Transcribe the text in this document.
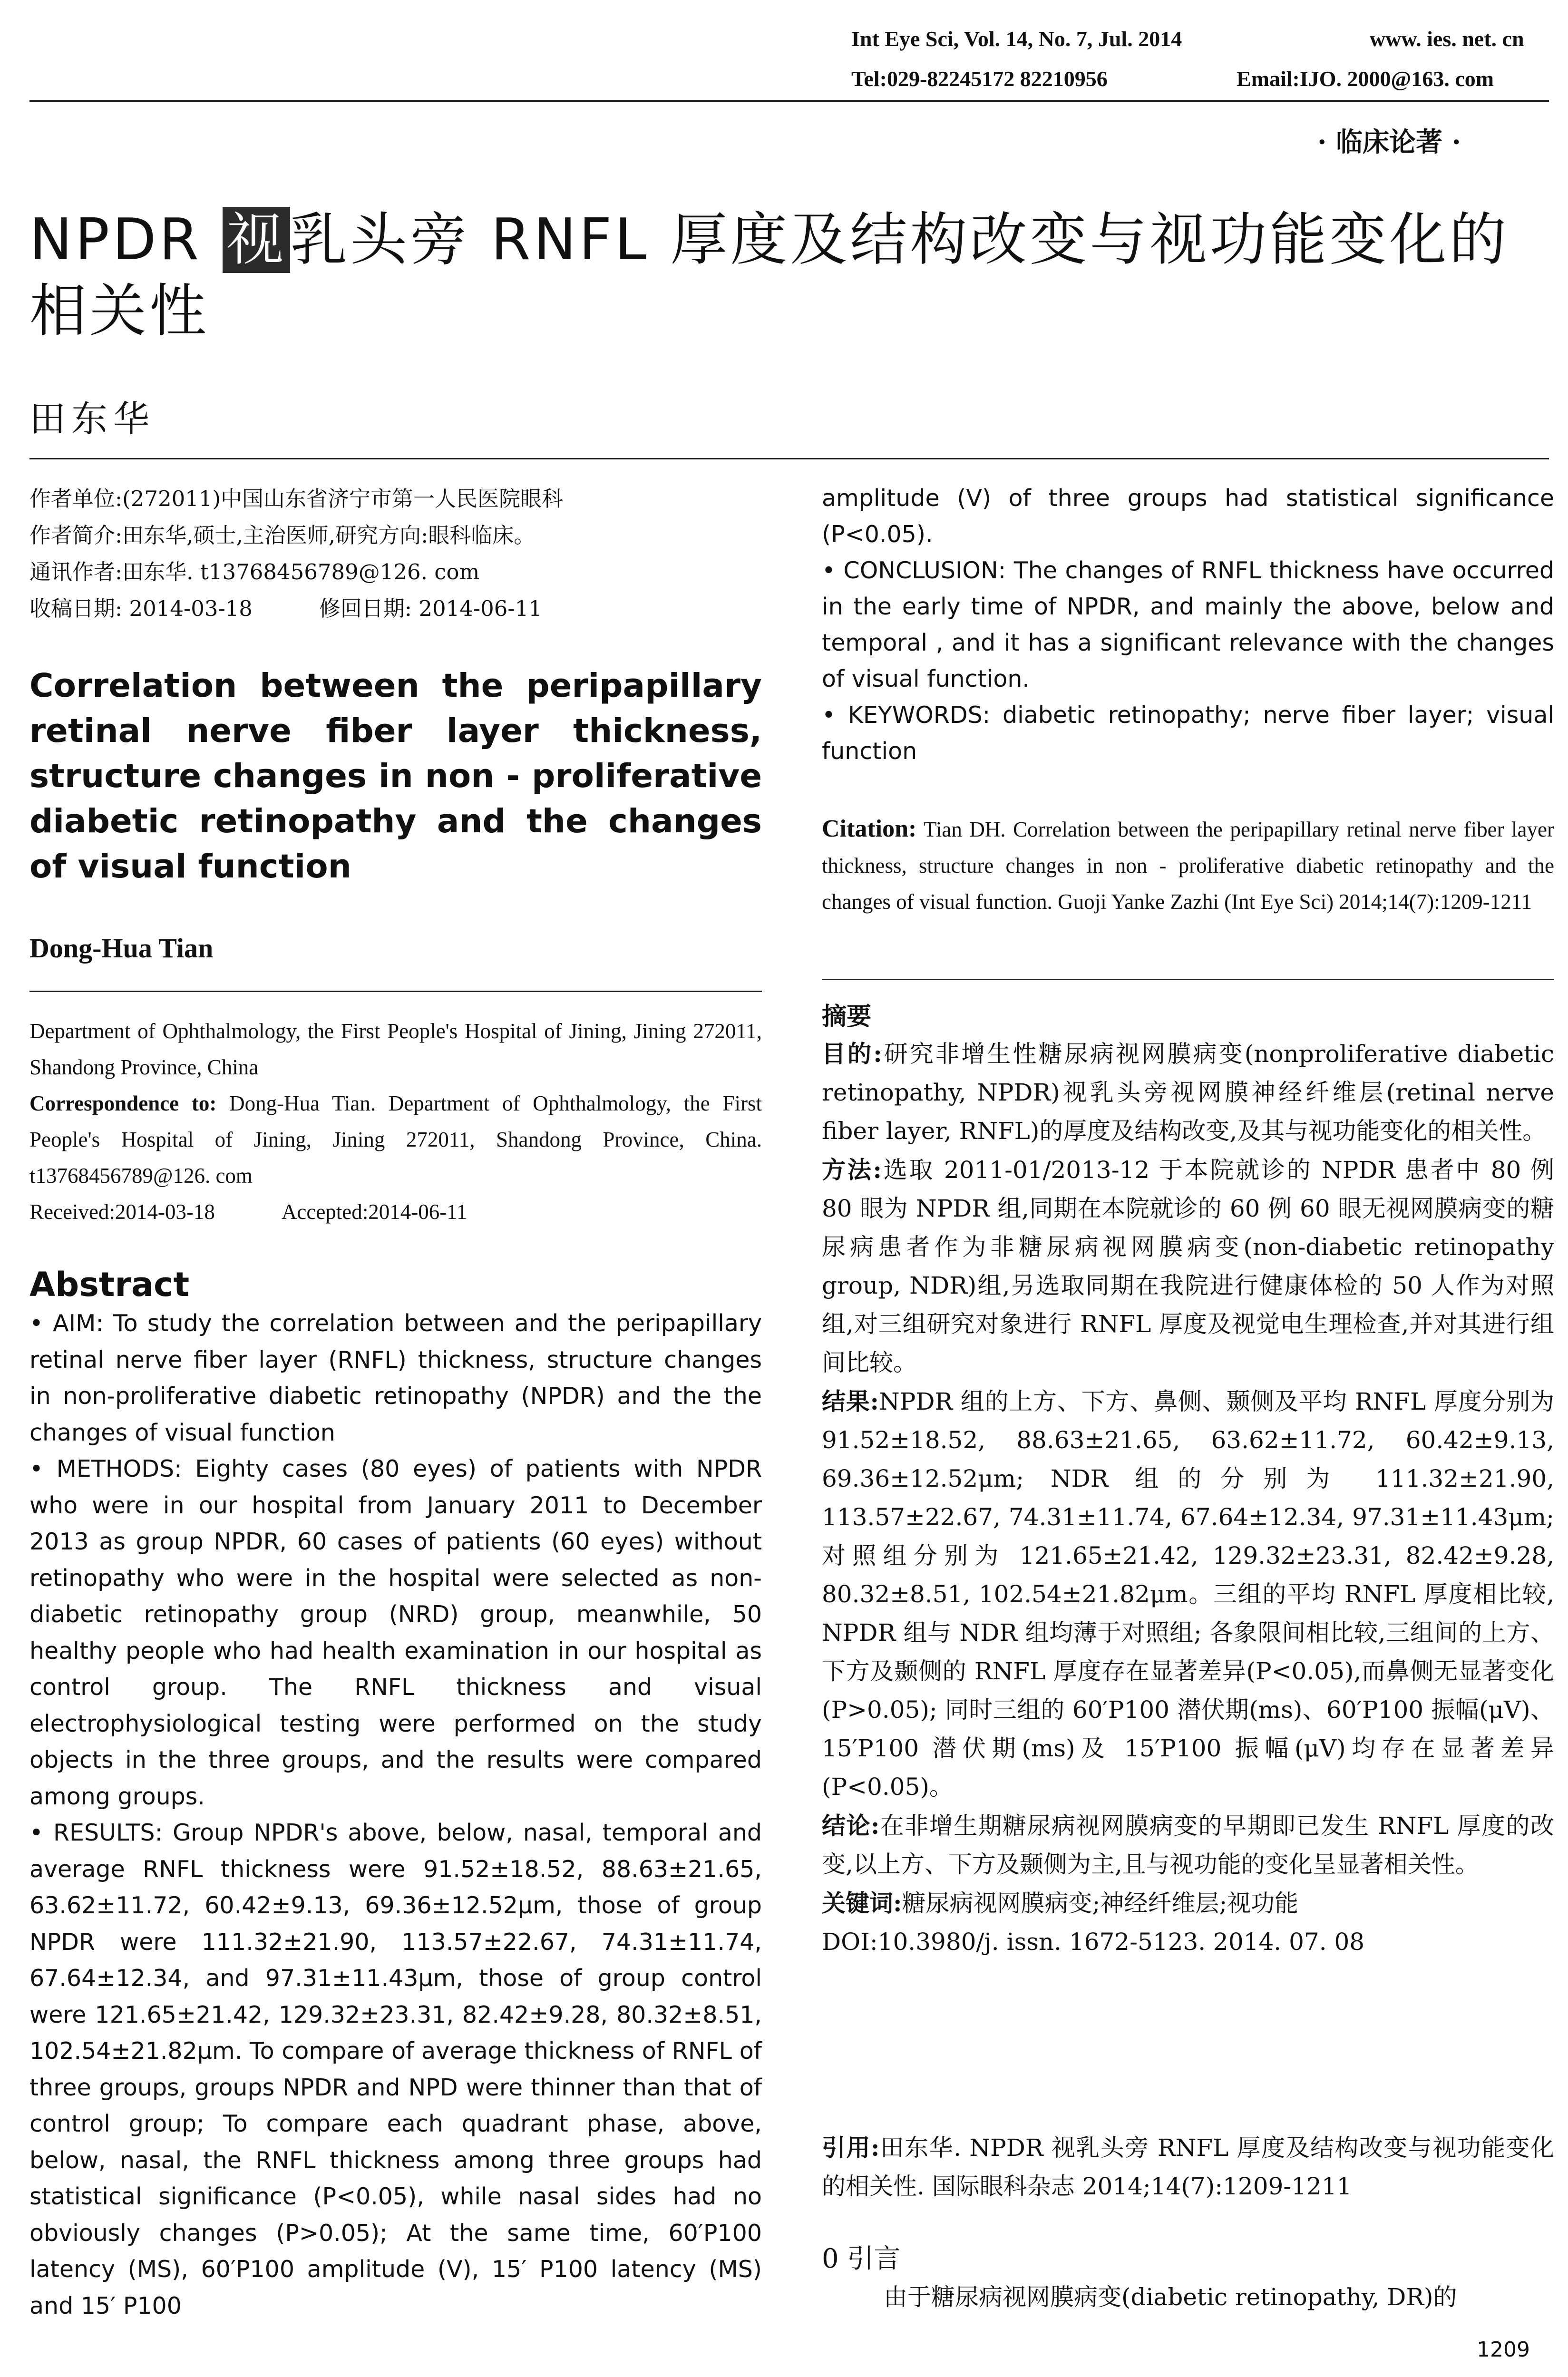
Int Eye Sci, Vol. 14, No. 7, Jul. 2014	www. ies. net. cn
Tel:029-82245172 82210956	Email:IJO. 2000@163. com
· 临床论著 ·
NPDR 视乳头旁 RNFL 厚度及结构改变与视功能变化的相关性
田东华

作者单位:(272011)中国山东省济宁市第一人民医院眼科

作者简介:田东华,硕士,主治医师,研究方向:眼科临床。

通讯作者:田东华. t13768456789@126. com

收稿日期: 2014-03-18	修回日期: 2014-06-11
Correlation between the peripapillary retinal nerve fiber layer thickness, structure changes in non - proliferative diabetic retinopathy and the changes of visual function
Dong-Hua Tian

Department of Ophthalmology, the First People's Hospital of Jining, Jining 272011, Shandong Province, China

Correspondence to: Dong-Hua Tian. Department of Ophthalmology, the First People's Hospital of Jining, Jining 272011, Shandong Province, China. t13768456789@126. com

Received:2014-03-18	Accepted:2014-06-11
Abstract

• AIM: To study the correlation between and the peripapillary retinal nerve fiber layer (RNFL) thickness, structure changes in non-proliferative diabetic retinopathy (NPDR) and the the changes of visual function

• METHODS: Eighty cases (80 eyes) of patients with NPDR who were in our hospital from January 2011 to December 2013 as group NPDR, 60 cases of patients (60 eyes) without retinopathy who were in the hospital were selected as non-diabetic retinopathy group (NRD) group, meanwhile, 50 healthy people who had health examination in our hospital as control group. The RNFL thickness and visual electrophysiological testing were performed on the study objects in the three groups, and the results were compared among groups.

• RESULTS: Group NPDR's above, below, nasal, temporal and average RNFL thickness were 91.52±18.52, 88.63±21.65, 63.62±11.72, 60.42±9.13, 69.36±12.52μm, those of group NPDR were 111.32±21.90, 113.57±22.67, 74.31±11.74, 67.64±12.34, and 97.31±11.43μm, those of group control were 121.65±21.42, 129.32±23.31, 82.42±9.28, 80.32±8.51, 102.54±21.82μm. To compare of average thickness of RNFL of three groups, groups NPDR and NPD were thinner than that of control group; To compare each quadrant phase, above, below, nasal, the RNFL thickness among three groups had statistical significance (P<0.05), while nasal sides had no obviously changes (P>0.05); At the same time, 60′P100 latency (MS), 60′P100 amplitude (V), 15′ P100 latency (MS) and 15′ P100

amplitude (V) of three groups had statistical significance (P<0.05).

• CONCLUSION: The changes of RNFL thickness have occurred in the early time of NPDR, and mainly the above, below and temporal , and it has a significant relevance with the changes of visual function.

• KEYWORDS: diabetic retinopathy; nerve fiber layer; visual function

Citation: Tian DH. Correlation between the peripapillary retinal nerve fiber layer thickness, structure changes in non - proliferative diabetic retinopathy and the changes of visual function. Guoji Yanke Zazhi (Int Eye Sci) 2014;14(7):1209-1211
摘要

目的:研究非增生性糖尿病视网膜病变(nonproliferative diabetic retinopathy, NPDR)视乳头旁视网膜神经纤维层(retinal nerve fiber layer, RNFL)的厚度及结构改变,及其与视功能变化的相关性。

方法:选取 2011-01/2013-12 于本院就诊的 NPDR 患者中 80 例 80 眼为 NPDR 组,同期在本院就诊的 60 例 60 眼无视网膜病变的糖尿病患者作为非糖尿病视网膜病变(non-diabetic retinopathy group, NDR)组,另选取同期在我院进行健康体检的 50 人作为对照组,对三组研究对象进行 RNFL 厚度及视觉电生理检查,并对其进行组间比较。

结果:NPDR 组的上方、下方、鼻侧、颞侧及平均 RNFL 厚度分别为 91.52±18.52, 88.63±21.65, 63.62±11.72, 60.42±9.13, 69.36±12.52μm; NDR 组的分别为 111.32±21.90, 113.57±22.67, 74.31±11.74, 67.64±12.34, 97.31±11.43μm; 对照组分别为 121.65±21.42, 129.32±23.31, 82.42±9.28, 80.32±8.51, 102.54±21.82μm。三组的平均 RNFL 厚度相比较, NPDR 组与 NDR 组均薄于对照组; 各象限间相比较,三组间的上方、下方及颞侧的 RNFL 厚度存在显著差异(P<0.05),而鼻侧无显著变化(P>0.05); 同时三组的 60′P100 潜伏期(ms)、60′P100 振幅(μV)、15′P100 潜伏期(ms)及 15′P100 振幅(μV)均存在显著差异(P<0.05)。

结论:在非增生期糖尿病视网膜病变的早期即已发生 RNFL 厚度的改变,以上方、下方及颞侧为主,且与视功能的变化呈显著相关性。

关键词:糖尿病视网膜病变;神经纤维层;视功能

DOI:10.3980/j. issn. 1672-5123. 2014. 07. 08

引用:田东华. NPDR 视乳头旁 RNFL 厚度及结构改变与视功能变化的相关性. 国际眼科杂志 2014;14(7):1209-1211
0 引言
由于糖尿病视网膜病变(diabetic retinopathy, DR)的
1209
